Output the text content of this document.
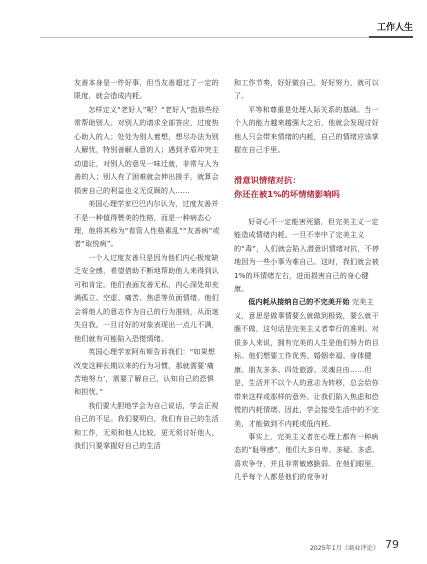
工作人生

友善本身是一件好事，但当友善超过了一定的限度，就会造成内耗。

怎样定义“老好人”呢？“老好人”指那些经常帮助别人、对别人的请求全部答应，过度热心助人的人；处处为别人着想，想尽办法为别人解忧，特别善解人意的人；遇到矛盾冲突主动道让，对别人的意见一味迁就，非常与人为善的人；别人有了困难就会伸出援手，就算会损害自己的利益也义无反顾的人……

美国心理学家巴巴内尔认为，过度友善并不是一种值得赞美的性格，而是一种病态心理，他将其称为“看管人性格素乱”“友善病”或者“取悦病”。

一个人过度友善只是因为他们内心极度缺乏安全感，希望借助不断地帮助他人来得到认可和肯定。他们表面友善无私，内心深处却充满孤立、空虚、痛苦、焦虑等负面情绪。他们会将他人的意志作为自己的行为准则，从而迷失自我。一旦讨好的对象表现出一点儿不满，他们就有可能陷入恐慌情绪。

英国心理学家阿布斯告诉我们：“如果想改变这种长期以来的行为习惯，那就需要‘痛苦地努力’，需要了解自己，认知自己的恐惧和担忧。”

我们要大胆地学会为自己说话，学会正视自己的不足。我们要明白，我们有自己的生活和工作，无须和他人比较，更无须讨好他人，我们只要掌握好自己的生活

和工作节奏，好好做自己，好好努力，就可以了。

平等和尊重是处理人际关系的基础。当一个人的能力越来越强大之后，他就会发现讨好他人只会带来情绪的内耗，自己的情绪应该掌握在自己手里。

滑意识情绪对抗：
你还在被1%的坏情绪影响吗

好奇心不一定能害死猫，但完美主义一定能造成情绪内耗。一旦不幸中了完美主义的“毒”，人们就会陷入潜意识情绪对抗，不停地因为一些小事为难自己。这时，我们就会被1%的坏情绪左右，进而损害自己的身心健康。

低内耗从接纳自己的不完美开始 完美主义，意思是做事情要么就做到极致，要么就干脆不做，这句话是完美主义者奉行的准则。对很多人来说，拥有完美的人生是他们努力的目标。他们想要工作优秀、婚姻幸福、身体健康、朋友多多、四处旅游、灵魂自由……但是，生活并不以个人的意志为转移，总会给你带来这样或那样的意外。让我们陷入焦虑和恐慌的内耗情绪。因此，学会接受生活中的不完美，才能做到不内耗或低内耗。

事实上，完美主义者在心理上都有一种病态的“耻辱感”，他们大多自卑、多疑、多虑、喜欢争夺，并且非常敏感脆弱。在他们眼里，几乎每个人都是他们的竞争对

2025年1月《商业评论》 79
